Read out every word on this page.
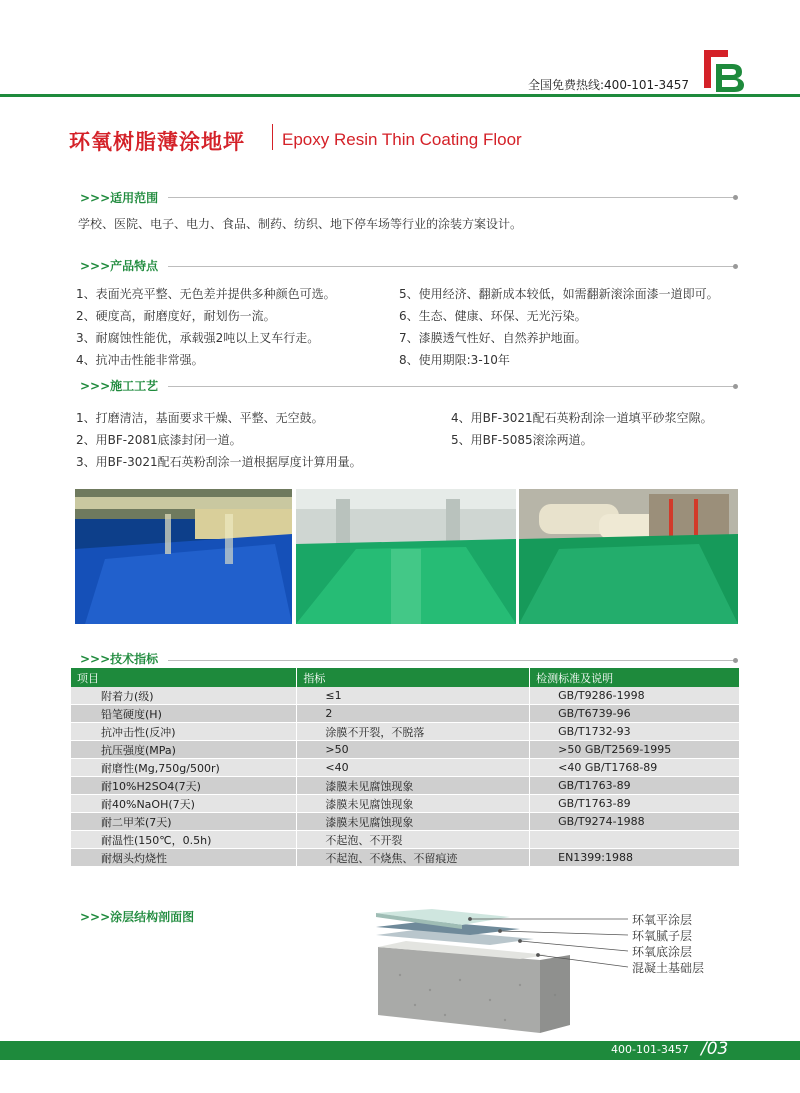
全国免费热线:400-101-3457
环氧树脂薄涂地坪 Epoxy Resin Thin Coating Floor
>>>适用范围
学校、医院、电子、电力、食品、制药、纺织、地下停车场等行业的涂装方案设计。
>>>产品特点
1、表面光亮平整、无色差并提供多种颜色可选。
2、硬度高，耐磨度好，耐划伤一流。
3、耐腐蚀性能优，承载强2吨以上叉车行走。
4、抗冲击性能非常强。
5、使用经济、翻新成本较低，如需翻新滚涂面漆一道即可。
6、生态、健康、环保、无光污染。
7、漆膜透气性好、自然养护地面。
8、使用期限:3-10年
>>>施工工艺
1、打磨清洁，基面要求干燥、平整、无空鼓。
2、用BF-2081底漆封闭一道。
3、用BF-3021配石英粉刮涂一道根据厚度计算用量。
4、用BF-3021配石英粉刮涂一道填平砂浆空隙。
5、用BF-5085滚涂两道。
>>>技术指标
项目	指标	检测标准及说明
附着力(级)	≤1	GB/T9286-1998
铅笔硬度(H)	2	GB/T6739-96
抗冲击性(反冲)	涂膜不开裂，不脱落	GB/T1732-93
抗压强度(MPa)	>50	>50 GB/T2569-1995
耐磨性(Mg,750g/500r)	<40	<40 GB/T1768-89
耐10%H2SO4(7天)	漆膜未见腐蚀现象	GB/T1763-89
耐40%NaOH(7天)	漆膜未见腐蚀现象	GB/T1763-89
耐二甲苯(7天)	漆膜未见腐蚀现象	GB/T9274-1988
耐温性(150℃，0.5h)	不起泡、不开裂	
耐烟头灼烧性	不起泡、不烧焦、不留痕迹	EN1399:1988
>>>涂层结构剖面图	环氧平涂层
环氧腻子层
环氧底涂层
混凝土基础层
400-101-3457 /03
